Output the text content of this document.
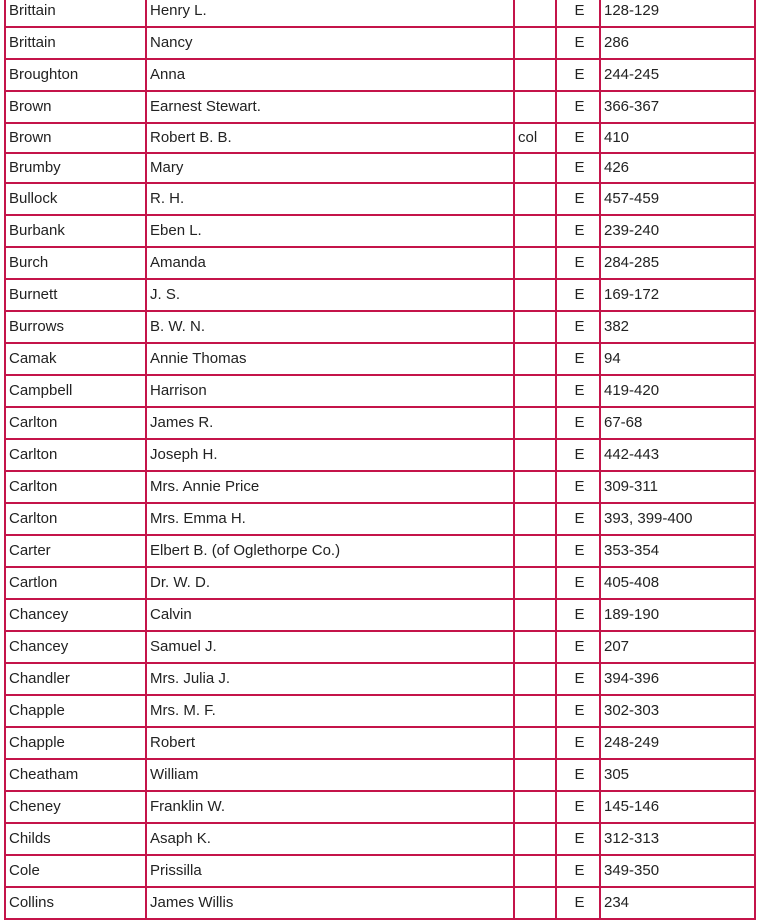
Brittain	Henry L.		E	128-129
Brittain	Nancy		E	286
Broughton	Anna		E	244-245
Brown	Earnest Stewart.		E	366-367
Brown	Robert B. B.	col	E	410
Brumby	Mary		E	426
Bullock	R. H.		E	457-459
Burbank	Eben L.		E	239-240
Burch	Amanda		E	284-285
Burnett	J. S.		E	169-172
Burrows	B. W. N.		E	382
Camak	Annie Thomas		E	94
Campbell	Harrison		E	419-420
Carlton	James R.		E	67-68
Carlton	Joseph H.		E	442-443
Carlton	Mrs. Annie Price		E	309-311
Carlton	Mrs. Emma H.		E	393, 399-400
Carter	Elbert B. (of Oglethorpe Co.)		E	353-354
Cartlon	Dr. W. D.		E	405-408
Chancey	Calvin		E	189-190
Chancey	Samuel J.		E	207
Chandler	Mrs. Julia J.		E	394-396
Chapple	Mrs. M. F.		E	302-303
Chapple	Robert		E	248-249
Cheatham	William		E	305
Cheney	Franklin W.		E	145-146
Childs	Asaph K.		E	312-313
Cole	Prissilla		E	349-350
Collins	James Willis		E	234
